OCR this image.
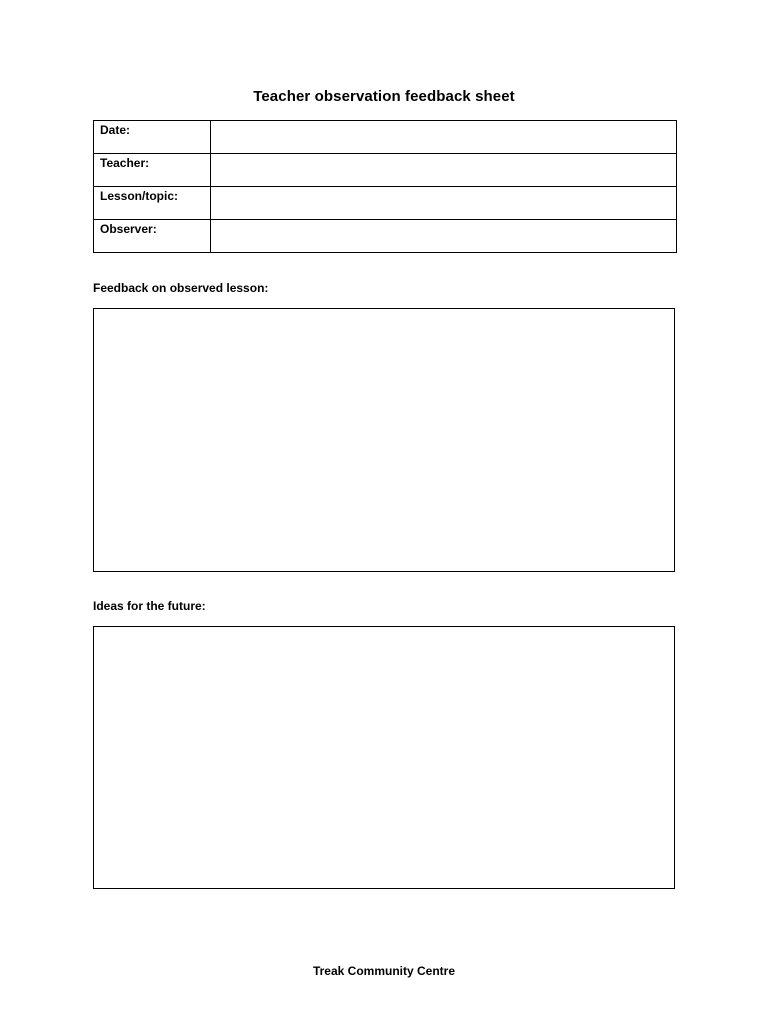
Teacher observation feedback sheet
Date:	
Teacher:	
Lesson/topic:	
Observer:	
Feedback on observed lesson:
Ideas for the future:
Treak Community Centre
